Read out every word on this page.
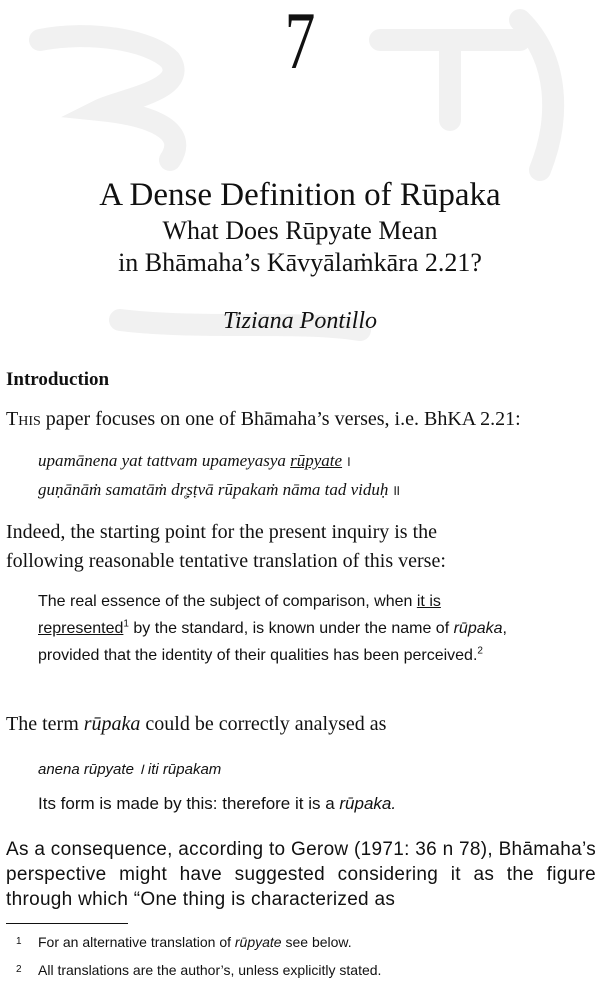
7
A Dense Definition of Rūpaka
What Does Rūpyate Mean
in Bhāmaha’s Kāvyālaṁkāra 2.21?
Tiziana Pontillo
Introduction
This paper focuses on one of Bhāmaha’s verses, i.e. BhKA 2.21:
upamānena yat tattvam upameyasya rūpyate ।
guṇānāṁ samatāṁ dr̥ṣṭvā rūpakaṁ nāma tad viduḥ ॥
Indeed, the starting point for the present inquiry is the
following reasonable tentative translation of this verse:
The real essence of the subject of comparison, when it is
represented$^1$ by the standard, is known under the name of rūpaka, provided that the identity of their qualities has been perceived.$^2$
The term rūpaka could be correctly analysed as
anena rūpyate । iti rūpakam
Its form is made by this: therefore it is a rūpaka.
As a consequence, according to Gerow (1971: 36 n 78), Bhāmaha’s perspective might have suggested considering it as the figure through which “One thing is characterized as
1 For an alternative translation of rūpyate see below.
2 All translations are the author’s, unless explicitly stated.
